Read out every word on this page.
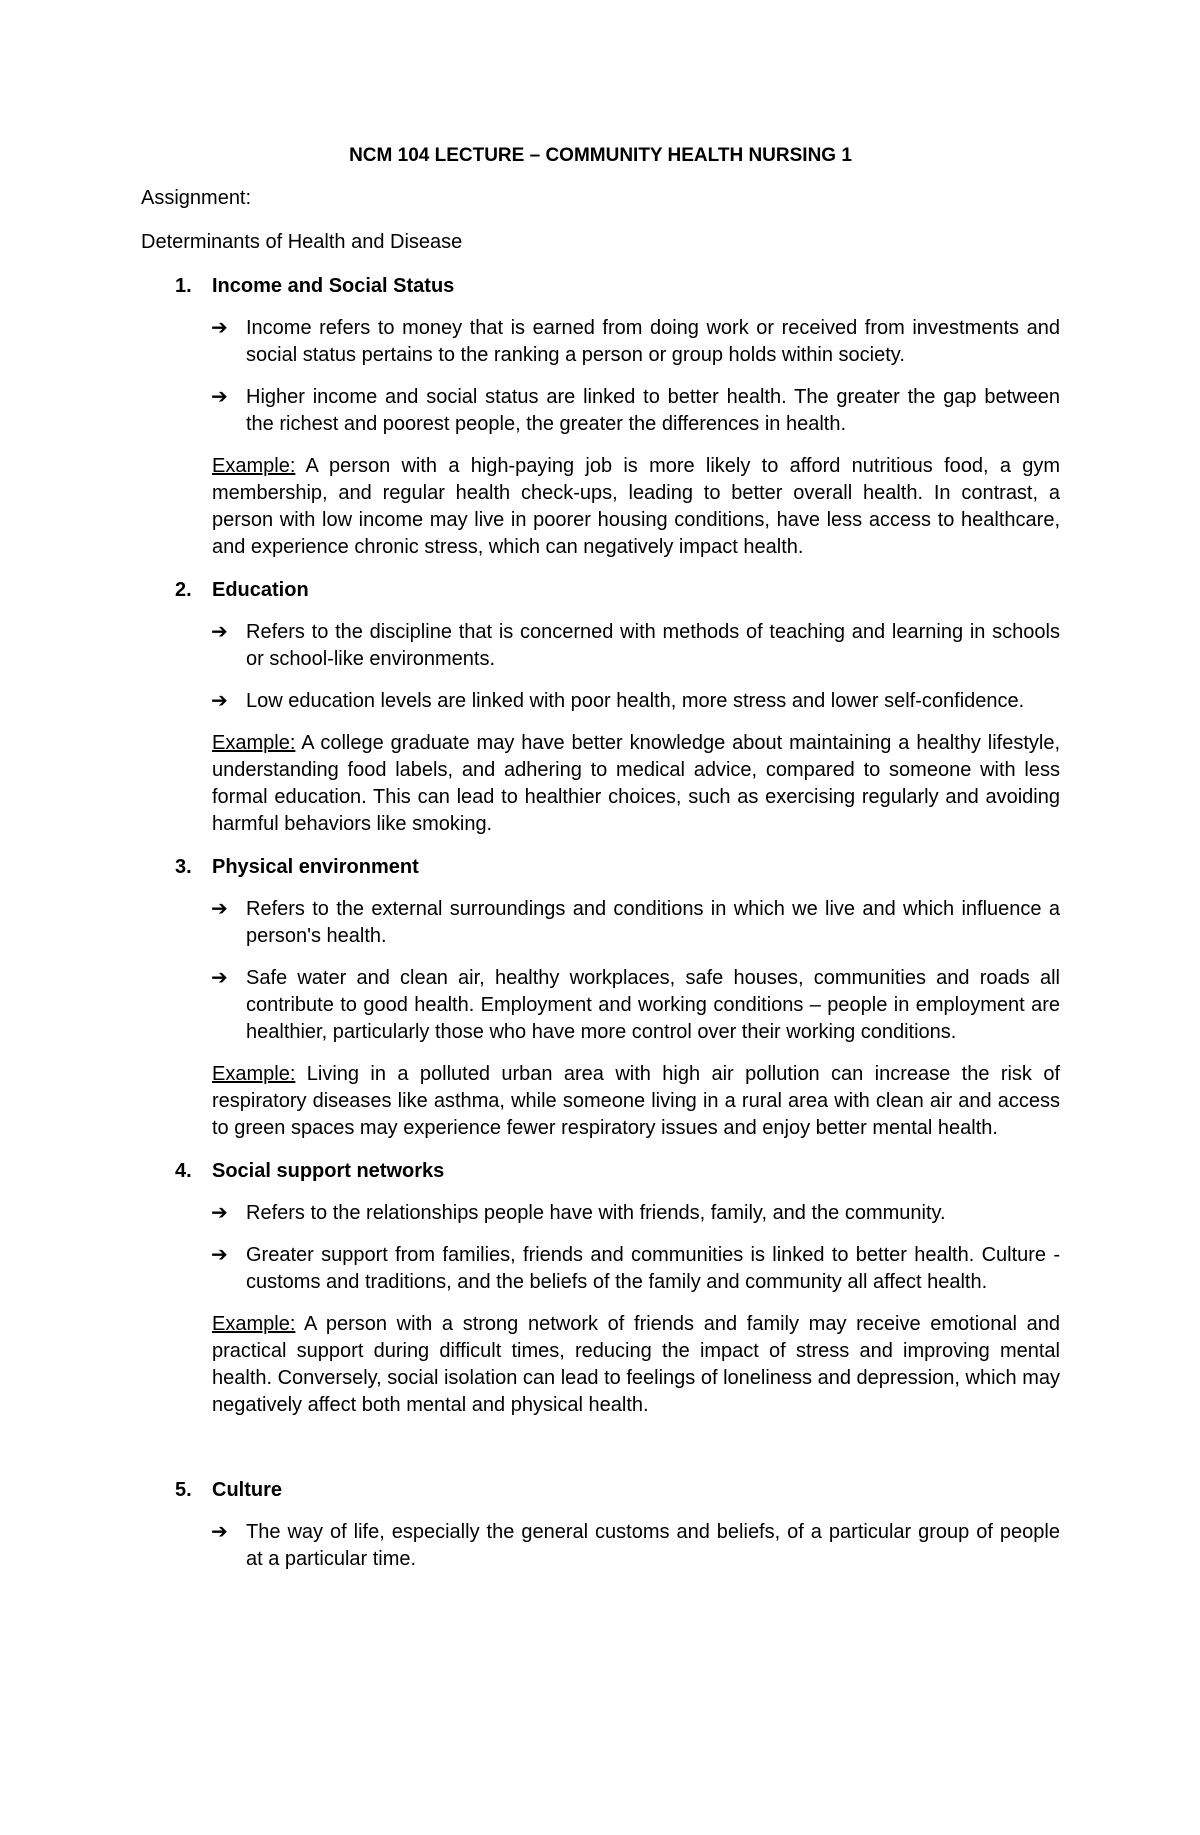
NCM 104 LECTURE – COMMUNITY HEALTH NURSING 1
Assignment:
Determinants of Health and Disease
1.	Income and Social Status
➔ Income refers to money that is earned from doing work or received from investments and social status pertains to the ranking a person or group holds within society.
➔ Higher income and social status are linked to better health. The greater the gap between the richest and poorest people, the greater the differences in health.
Example: A person with a high-paying job is more likely to afford nutritious food, a gym membership, and regular health check-ups, leading to better overall health. In contrast, a person with low income may live in poorer housing conditions, have less access to healthcare, and experience chronic stress, which can negatively impact health.
2.	Education
➔ Refers to the discipline that is concerned with methods of teaching and learning in schools or school-like environments.
➔ Low education levels are linked with poor health, more stress and lower self-confidence.
Example: A college graduate may have better knowledge about maintaining a healthy lifestyle, understanding food labels, and adhering to medical advice, compared to someone with less formal education. This can lead to healthier choices, such as exercising regularly and avoiding harmful behaviors like smoking.
3.	Physical environment
➔ Refers to the external surroundings and conditions in which we live and which influence a person's health.
➔ Safe water and clean air, healthy workplaces, safe houses, communities and roads all contribute to good health. Employment and working conditions – people in employment are healthier, particularly those who have more control over their working conditions.
Example: Living in a polluted urban area with high air pollution can increase the risk of respiratory diseases like asthma, while someone living in a rural area with clean air and access to green spaces may experience fewer respiratory issues and enjoy better mental health.
4.	Social support networks
➔ Refers to the relationships people have with friends, family, and the community.
➔ Greater support from families, friends and communities is linked to better health. Culture - customs and traditions, and the beliefs of the family and community all affect health.
Example: A person with a strong network of friends and family may receive emotional and practical support during difficult times, reducing the impact of stress and improving mental health. Conversely, social isolation can lead to feelings of loneliness and depression, which may negatively affect both mental and physical health.
5.	Culture
➔ The way of life, especially the general customs and beliefs, of a particular group of people at a particular time.
